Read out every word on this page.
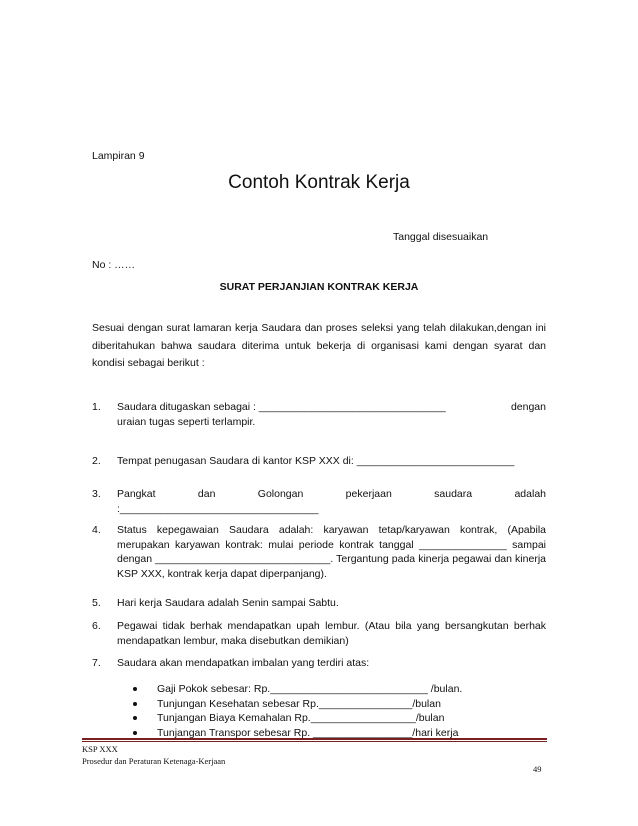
Lampiran 9
Contoh Kontrak Kerja
Tanggal disesuaikan
No : ……
SURAT PERJANJIAN KONTRAK KERJA
Sesuai dengan surat lamaran kerja Saudara dan proses seleksi yang telah dilakukan,dengan ini diberitahukan bahwa saudara diterima untuk bekerja di organisasi kami dengan syarat dan kondisi sebagai berikut :
1. Saudara ditugaskan sebagai : ________________________________	dengan
uraian tugas seperti terlampir.
2. Tempat penugasan Saudara di kantor KSP XXX di: ___________________________
3. Pangkat dan Golongan pekerjaan saudara adalah :__________________________________
4. Status kepegawaian Saudara adalah: karyawan tetap/karyawan kontrak, (Apabila merupakan karyawan kontrak: mulai periode kontrak tanggal _______________ sampai dengan ______________________________. Tergantung pada kinerja pegawai dan kinerja KSP XXX, kontrak kerja dapat diperpanjang).
5. Hari kerja Saudara adalah Senin sampai Sabtu.
6. Pegawai tidak berhak mendapatkan upah lembur. (Atau bila yang bersangkutan berhak mendapatkan lembur, maka disebutkan demikian)
7. Saudara akan mendapatkan imbalan yang terdiri atas:
Gaji Pokok sebesar: Rp.___________________________ /bulan.
Tunjungan Kesehatan sebesar Rp.________________/bulan
Tunjangan Biaya Kemahalan Rp.__________________/bulan
Tunjangan Transpor sebesar Rp. _________________/hari kerja
KSP XXX
Prosedur dan Peraturan Ketenaga-Kerjaan
49
